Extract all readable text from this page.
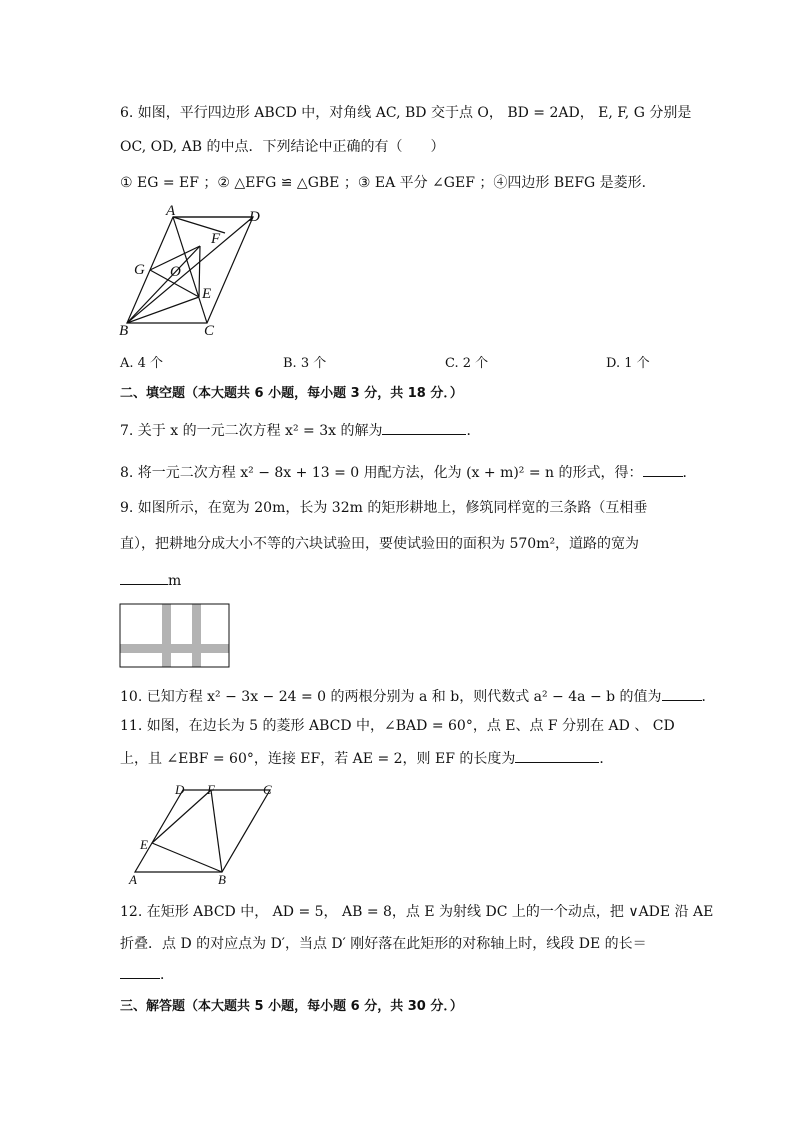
6. 如图，平行四边形 ABCD 中，对角线 AC, BD 交于点 O， BD = 2AD， E, F, G 分别是
OC, OD, AB 的中点．下列结论中正确的有（　　）
① EG = EF ；② △EFG ≌ △GBE ；③ EA 平分 ∠GEF ；④四边形 BEFG 是菱形．
A	D
F
G O
E
B	C
A. 4 个	B. 3 个	C. 2 个	D. 1 个
二、填空题（本大题共 6 小题，每小题 3 分，共 18 分．）
7. 关于 x 的一元二次方程 x² = 3x 的解为	．
8. 将一元二次方程 x² − 8x + 13 = 0 用配方法，化为 (x + m)² = n 的形式，得：	．
9. 如图所示，在宽为 20m，长为 32m 的矩形耕地上，修筑同样宽的三条路（互相垂
直），把耕地分成大小不等的六块试验田，要使试验田的面积为 570m²，道路的宽为
m
10. 已知方程 x² − 3x − 24 = 0 的两根分别为 a 和 b，则代数式 a² − 4a − b 的值为	．
11. 如图，在边长为 5 的菱形 ABCD 中，∠BAD = 60°，点 E、点 F 分别在 AD 、 CD
上，且 ∠EBF = 60°，连接 EF，若 AE = 2，则 EF 的长度为	．
D F	C
E
A	B
12. 在矩形 ABCD 中， AD = 5， AB = 8，点 E 为射线 DC 上的一个动点，把 ∨ADE 沿 AE
折叠．点 D 的对应点为 D′，当点 D′ 刚好落在此矩形的对称轴上时，线段 DE 的长＝
．
三、解答题（本大题共 5 小题，每小题 6 分，共 30 分．）
